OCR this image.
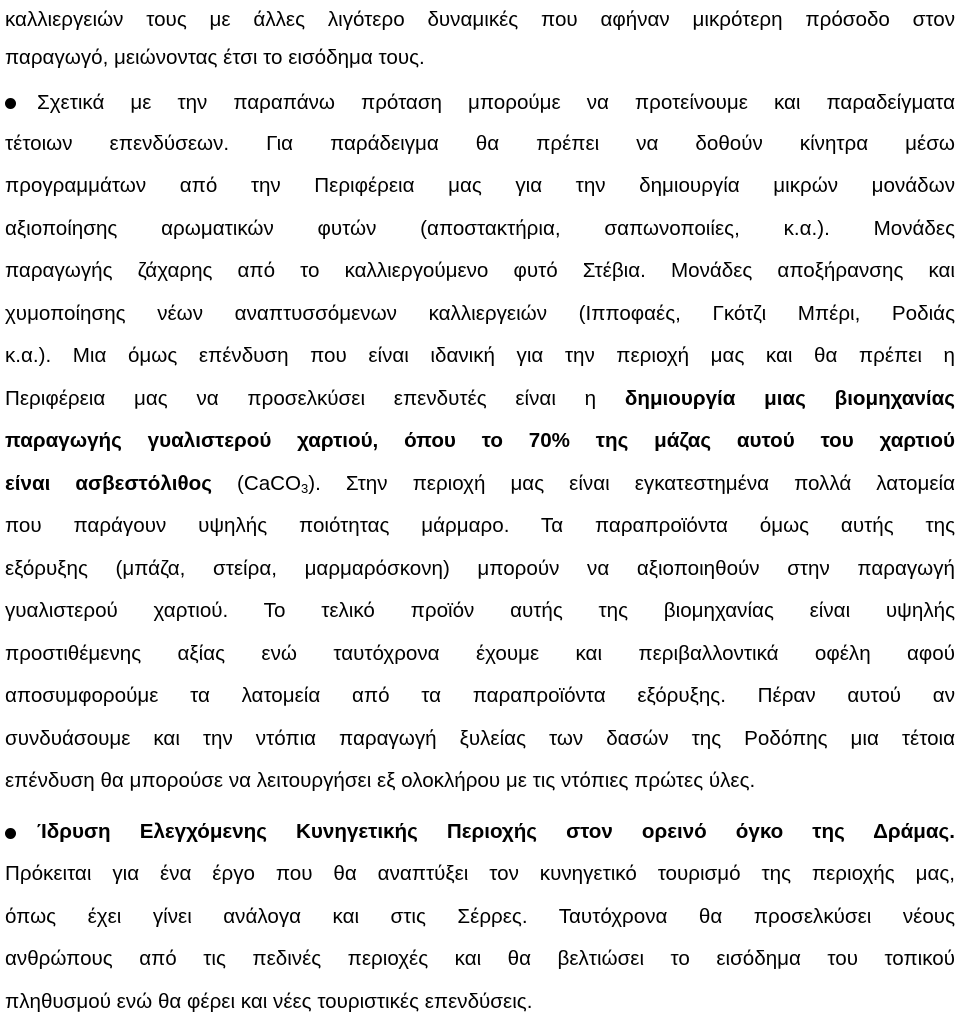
καλλιεργειών τους με άλλες λιγότερο δυναμικές που αφήναν μικρότερη πρόσοδο στον
παραγωγό, μειώνοντας έτσι το εισόδημα τους.
Σχετικά με την παραπάνω πρόταση μπορούμε να προτείνουμε και παραδείγματα
τέτοιων επενδύσεων. Για παράδειγμα θα πρέπει να δοθούν κίνητρα μέσω
προγραμμάτων από την Περιφέρεια μας για την δημιουργία μικρών μονάδων
αξιοποίησης αρωματικών φυτών (αποστακτήρια, σαπωνοποιίες, κ.α.). Μονάδες
παραγωγής ζάχαρης από το καλλιεργούμενο φυτό Στέβια. Μονάδες αποξήρανσης και
χυμοποίησης νέων αναπτυσσόμενων καλλιεργειών (Ιπποφαές, Γκότζι Μπέρι, Ροδιάς
κ.α.). Μια όμως επένδυση που είναι ιδανική για την περιοχή μας και θα πρέπει η
Περιφέρεια μας να προσελκύσει επενδυτές είναι η δημιουργία μιας βιομηχανίας
παραγωγής γυαλιστερού χαρτιού, όπου το 70% της μάζας αυτού του χαρτιού
είναι ασβεστόλιθος (CaCO$_3$). Στην περιοχή μας είναι εγκατεστημένα πολλά λατομεία
που παράγουν υψηλής ποιότητας μάρμαρο. Τα παραπροϊόντα όμως αυτής της
εξόρυξης (μπάζα, στείρα, μαρμαρόσκονη) μπορούν να αξιοποιηθούν στην παραγωγή
γυαλιστερού χαρτιού. Το τελικό προϊόν αυτής της βιομηχανίας είναι υψηλής
προστιθέμενης αξίας ενώ ταυτόχρονα έχουμε και περιβαλλοντικά οφέλη αφού
αποσυμφορούμε τα λατομεία από τα παραπροϊόντα εξόρυξης. Πέραν αυτού αν
συνδυάσουμε και την ντόπια παραγωγή ξυλείας των δασών της Ροδόπης μια τέτοια
επένδυση θα μπορούσε να λειτουργήσει εξ ολοκλήρου με τις ντόπιες πρώτες ύλες.
Ίδρυση Ελεγχόμενης Κυνηγετικής Περιοχής στον ορεινό όγκο της Δράμας.
Πρόκειται για ένα έργο που θα αναπτύξει τον κυνηγετικό τουρισμό της περιοχής μας,
όπως έχει γίνει ανάλογα και στις Σέρρες. Ταυτόχρονα θα προσελκύσει νέους
ανθρώπους από τις πεδινές περιοχές και θα βελτιώσει το εισόδημα του τοπικού
πληθυσμού ενώ θα φέρει και νέες τουριστικές επενδύσεις.
